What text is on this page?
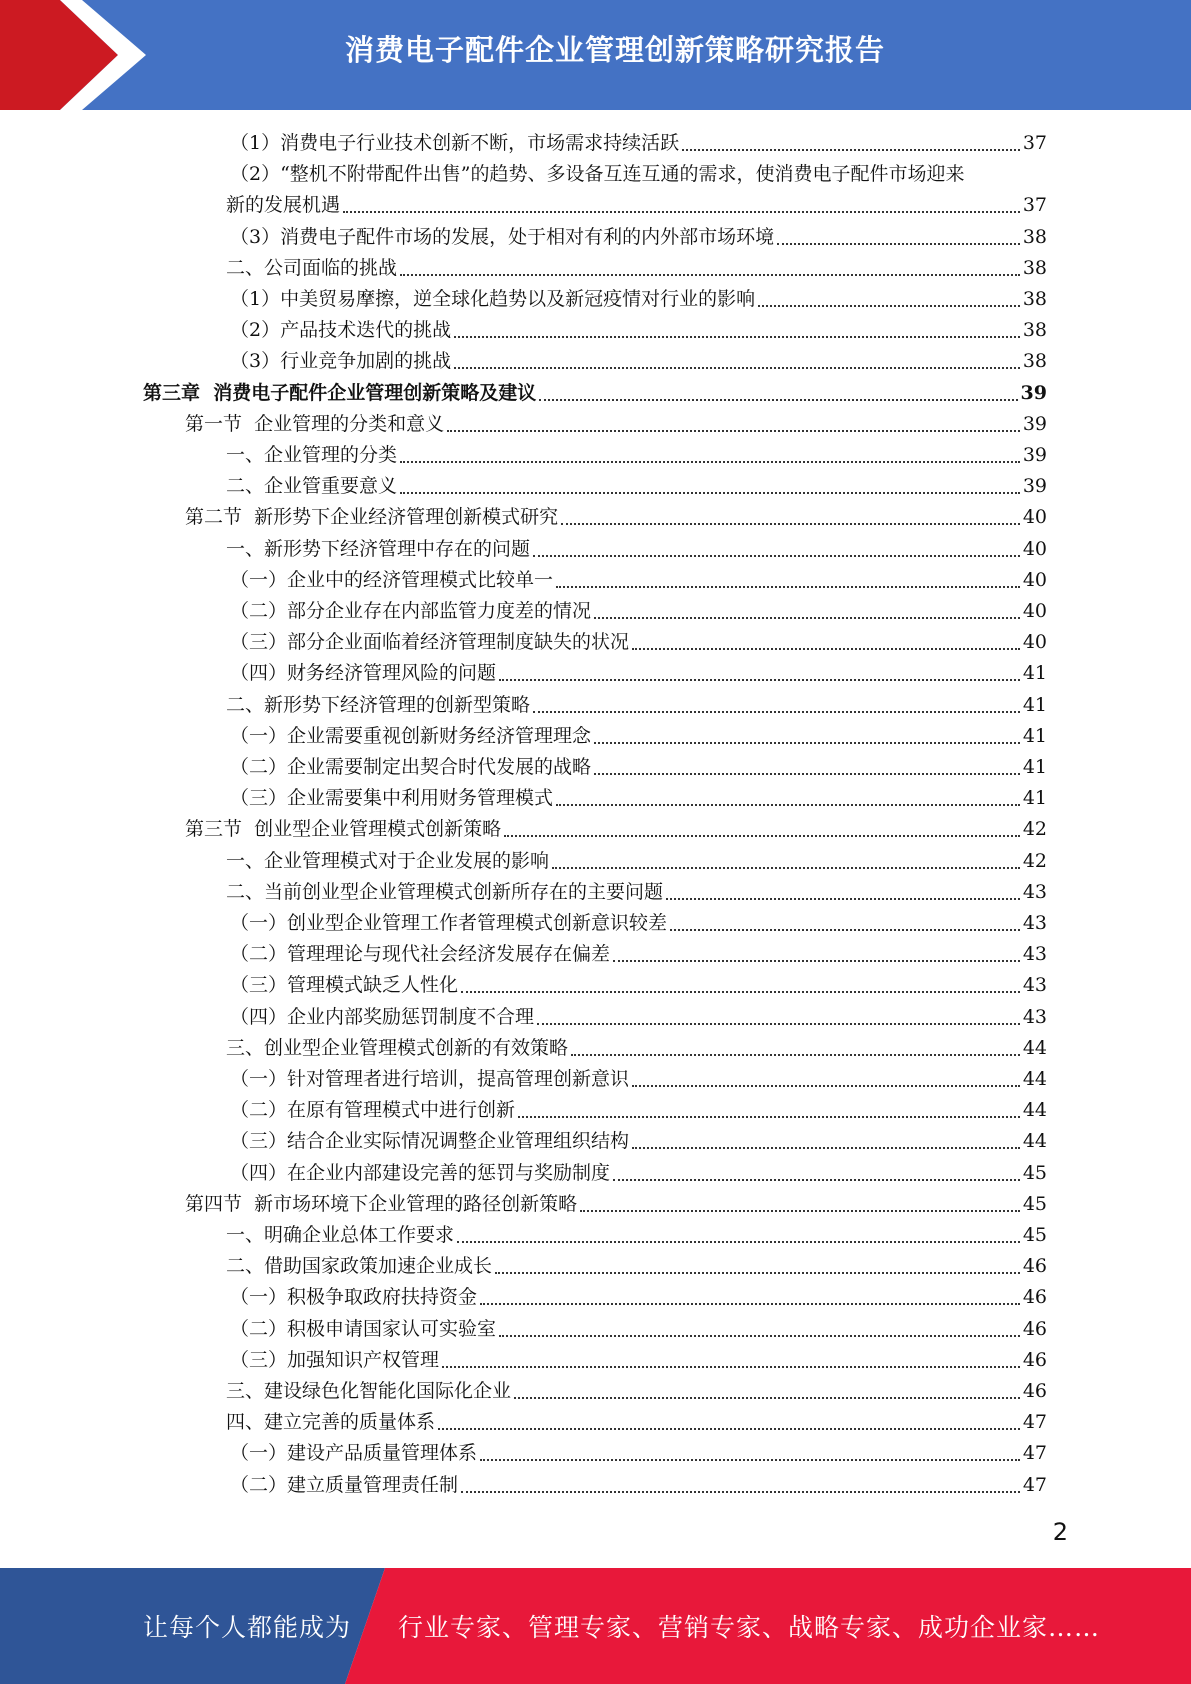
消费电子配件企业管理创新策略研究报告
（1）消费电子行业技术创新不断，市场需求持续活跃	37
（2）“整机不附带配件出售”的趋势、多设备互连互通的需求，使消费电子配件市场迎来
新的发展机遇	37
（3）消费电子配件市场的发展，处于相对有利的内外部市场环境	38
二、公司面临的挑战	38
（1）中美贸易摩擦，逆全球化趋势以及新冠疫情对行业的影响	38
（2）产品技术迭代的挑战	38
（3）行业竞争加剧的挑战	38
第三章  消费电子配件企业管理创新策略及建议	39
第一节  企业管理的分类和意义	39
一、企业管理的分类	39
二、企业管重要意义	39
第二节  新形势下企业经济管理创新模式研究	40
一、新形势下经济管理中存在的问题	40
（一）企业中的经济管理模式比较单一	40
（二）部分企业存在内部监管力度差的情况	40
（三）部分企业面临着经济管理制度缺失的状况	40
（四）财务经济管理风险的问题	41
二、新形势下经济管理的创新型策略	41
（一）企业需要重视创新财务经济管理理念	41
（二）企业需要制定出契合时代发展的战略	41
（三）企业需要集中利用财务管理模式	41
第三节  创业型企业管理模式创新策略	42
一、企业管理模式对于企业发展的影响	42
二、当前创业型企业管理模式创新所存在的主要问题	43
（一）创业型企业管理工作者管理模式创新意识较差	43
（二）管理理论与现代社会经济发展存在偏差	43
（三）管理模式缺乏人性化	43
（四）企业内部奖励惩罚制度不合理	43
三、创业型企业管理模式创新的有效策略	44
（一）针对管理者进行培训，提高管理创新意识	44
（二）在原有管理模式中进行创新	44
（三）结合企业实际情况调整企业管理组织结构	44
（四）在企业内部建设完善的惩罚与奖励制度	45
第四节  新市场环境下企业管理的路径创新策略	45
一、明确企业总体工作要求	45
二、借助国家政策加速企业成长	46
（一）积极争取政府扶持资金	46
（二）积极申请国家认可实验室	46
（三）加强知识产权管理	46
三、建设绿色化智能化国际化企业	46
四、建立完善的质量体系	47
（一）建设产品质量管理体系	47
（二）建立质量管理责任制	47
2
让每个人都能成为 行业专家、管理专家、营销专家、战略专家、成功企业家……
